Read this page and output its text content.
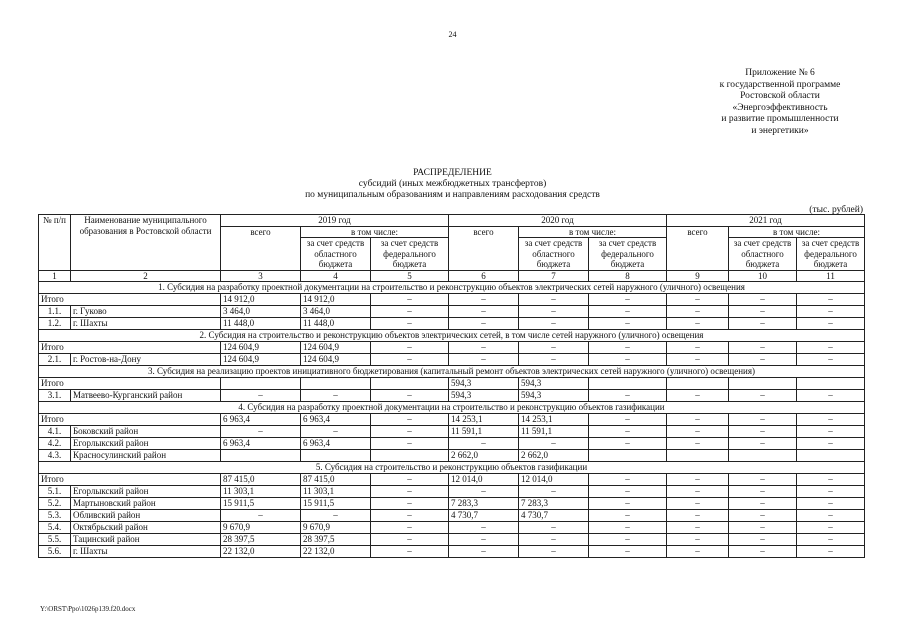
24
Приложение № 6
к государственной программе
Ростовской области
«Энергоэффективность
и развитие промышленности
и энергетики»
РАСПРЕДЕЛЕНИЕ
субсидий (иных межбюджетных трансфертов)
по муниципальным образованиям и направлениям расходования средств
(тыс. рублей)
№ п/п	Наименование муниципального образования в Ростовской области	2019 год			2020 год			2021 год		
		всего	в том числе:		всего	в том числе:		всего	в том числе:	
			за счет средств областного бюджета	за счет средств федерального бюджета		за счет средств областного бюджета	за счет средств федерального бюджета		за счет средств областного бюджета	за счет средств федерального бюджета
1	2	3	4	5	6	7	8	9	10	11
1. Субсидия на разработку проектной документации на строительство и реконструкцию объектов электрических сетей наружного (уличного) освещения										
Итого		14 912,0	14 912,0	–	–	–	–	–	–	–
1.1.	г. Гуково	3 464,0	3 464,0	–	–	–	–	–	–	–
1.2.	г. Шахты	11 448,0	11 448,0	–	–	–	–	–	–	–
2. Субсидия на строительство и реконструкцию объектов электрических сетей, в том числе сетей наружного (уличного) освещения										
Итого		124 604,9	124 604,9	–	–	–	–	–	–	–
2.1.	г. Ростов-на-Дону	124 604,9	124 604,9	–	–	–	–	–	–	–
3. Субсидия на реализацию проектов инициативного бюджетирования (капитальный ремонт объектов электрических сетей наружного (уличного) освещения)										
Итого					594,3	594,3				
3.1.	Матвеево-Курганский район	–	–	–	594,3	594,3	–	–	–	–
4. Субсидия на разработку проектной документации на строительство и реконструкцию объектов газификации										
Итого		6 963,4	6 963,4	–	14 253,1	14 253,1	–	–	–	–
4.1.	Боковский район	–	–	–	11 591,1	11 591,1	–	–	–	–
4.2.	Егорлыкский район	6 963,4	6 963,4	–	–	–	–	–	–	–
4.3.	Красносулинский район				2 662,0	2 662,0				
5. Субсидия на строительство и реконструкцию объектов газификации										
Итого		87 415,0	87 415,0	–	12 014,0	12 014,0	–	–	–	–
5.1.	Егорлыкский район	11 303,1	11 303,1	–	–	–	–	–	–	–
5.2.	Мартыновский район	15 911,5	15 911,5	–	7 283,3	7 283,3	–	–	–	–
5.3.	Обливский район	–	–	–	4 730,7	4 730,7	–	–	–	–
5.4.	Октябрьский район	9 670,9	9 670,9	–	–	–	–	–	–	–
5.5.	Тацинский район	28 397,5	28 397,5	–	–	–	–	–	–	–
5.6.	г. Шахты	22 132,0	22 132,0	–	–	–	–	–	–	–
Y:\ORST\Ppo\1026p139.f20.docx
